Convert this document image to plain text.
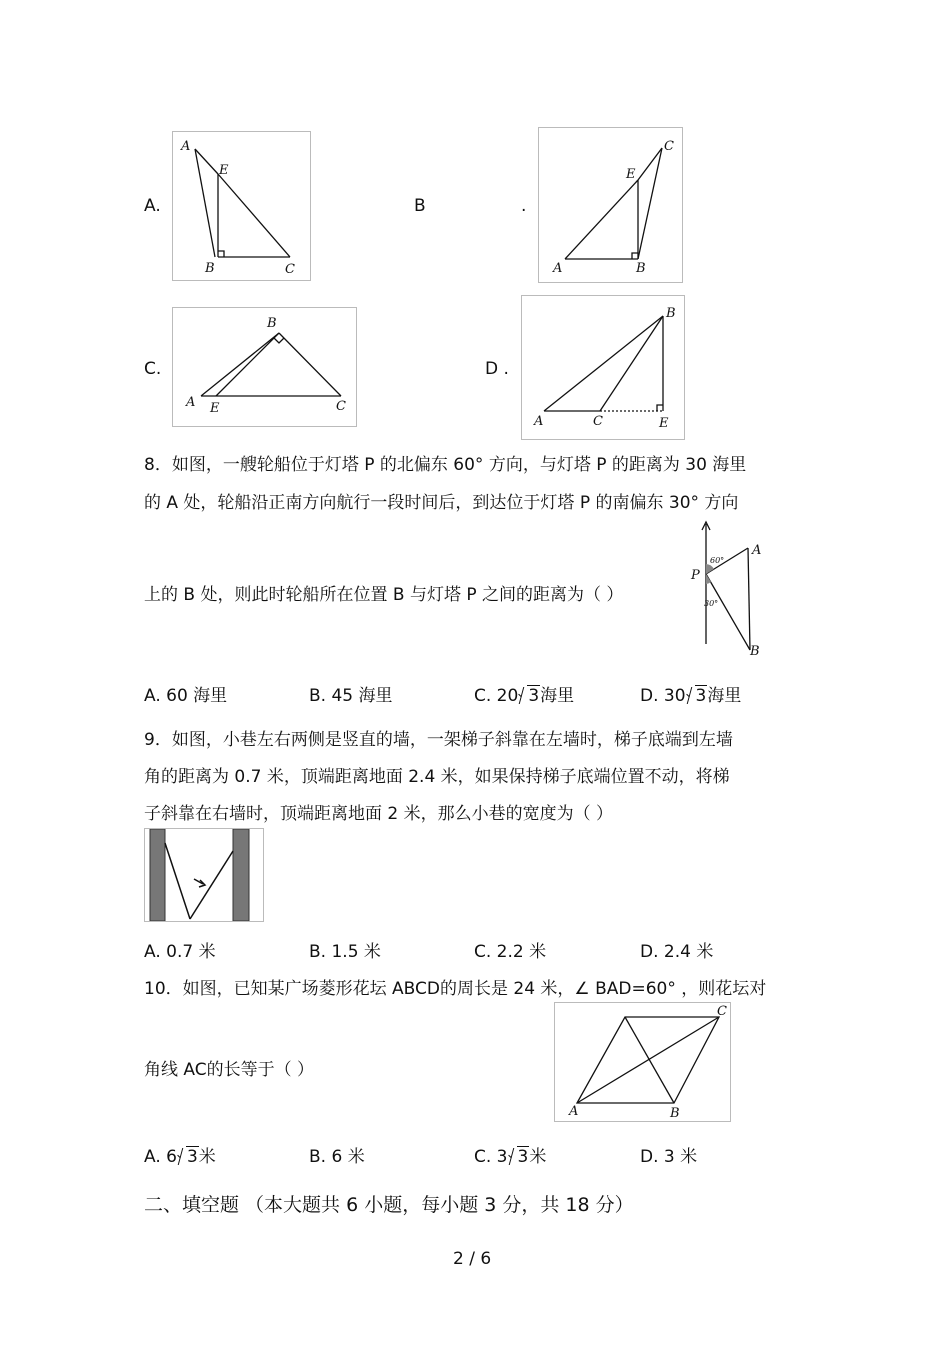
A.
A
E
B	C
B	.
C
E
A	B
C.
B
A E	C
D .
B
A	C	E
8．如图，一艘轮船位于灯塔 P 的北偏东 60° 方向，与灯塔 P 的距离为 30 海里
的 A 处，轮船沿正南方向航行一段时间后，到达位于灯塔 P 的南偏东 30° 方向
上的 B 处，则此时轮船所在位置 B 与灯塔 P 之间的距离为（ ）
60°
30°
P
A
B
A. 60 海里	B. 45 海里	C. 20 3海里	D. 30 3海里
9．如图，小巷左右两侧是竖直的墙，一架梯子斜靠在左墙时，梯子底端到左墙
角的距离为 0.7 米，顶端距离地面 2.4 米，如果保持梯子底端位置不动，将梯
子斜靠在右墙时，顶端距离地面 2 米，那么小巷的宽度为（ ）
A. 0.7 米	B. 1.5 米	C. 2.2 米	D. 2.4 米
10．如图，已知某广场菱形花坛 ABCD的周长是 24 米，∠ BAD=60° ，则花坛对
角线 AC的长等于（ ）
C
A	B
A. 6 3米	B. 6 米	C. 3 3米	D. 3 米
二、填空题 （本大题共 6 小题，每小题 3 分，共 18 分）
2 / 6
